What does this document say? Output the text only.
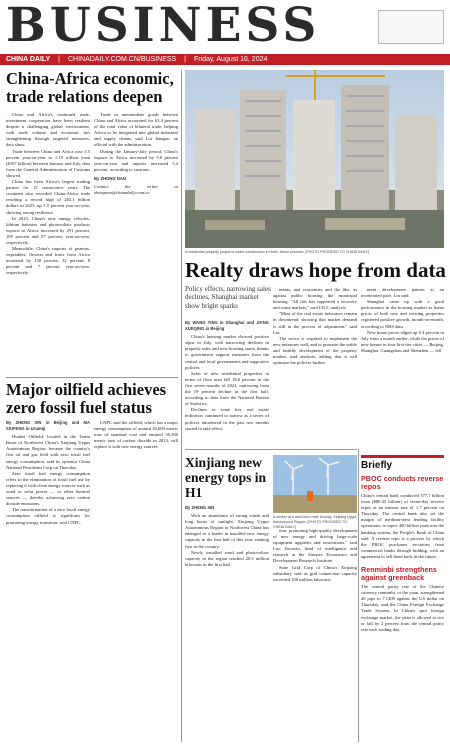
BUSINESS
CHINA DAILY | CHINADAILY.COM.CN/BUSINESS | Friday, August 16, 2024
China-Africa economic, trade relations deepen

China and Africa's continued trade, investment cooperation have been resilient despite a challenging global environment, with trade volume and economic ties strengthening through targeted measures, data show.

Trade between China and Africa rose 5.5 percent year-on-year to 1.19 trillion yuan ($167 billion) between January and July, data from the General Administration of Customs showed.

China has been Africa's largest trading partner for 15 consecutive years. The continent also recorded China-Africa trade reaching a record high of 282.1 billion dollars in 2023, up 1.5 percent year-on-year, showing strong resilience.

In 2023, China's new energy vehicles, lithium batteries and photovoltaic products exports to Africa increased by 291 percent, 109 percent and 57 percent, year-on-year, respectively.

Meanwhile, China's imports of peanuts, vegetables, flowers and fruits from Africa increased by 130 percent, 32 percent, 8 percent and 7 percent year-on-year, respectively.

Trade in intermediate goods between China and Africa accounted for 63.4 percent of the total value of bilateral trade, helping Africa to be integrated into global industrial and supply chains, said Liu Jianguo, an official with the administration.

During the January-July period, China's exports to Africa increased by 5.6 percent year-on-year and imports increased 5.4 percent, according to customs.

By ZHONG NAN
Contact the writer at zhongnan@chinadaily.com.cn
Major oilfield achieves zero fossil fuel status
By ZHENG XIN in Beijing and MA XIUFENG in Urumqi

Huabei Oilfield, located in the Tarim Basin of Northwest China's Xinjiang Uygur Autonomous Region, became the country's first oil and gas field with zero fossil fuel energy consumption, said its operator China National Petroleum Corp on Thursday.

Zero fossil fuel energy consumption refers to the elimination of fossil fuel use by replacing it with clean energy sources such as wind or solar power — or other thermal sources — thereby achieving zero carbon dioxide emissions.

The transformation of a zero fossil energy consumption oilfield is significant for promoting energy transition, said CNPC.

CNPC said the oilfield, which has a major energy consumption of around 20,600 metric tons of standard coal and emitted 56,300 metric tons of carbon dioxide in 2023, will replace it with new energy sources.

A residential property project is under construction in Hefei, Anhui province. [PHOTO PROVIDED TO CHINA DAILY]
Realty draws hope from data
Policy effects, narrowing sales declines, Shanghai market show bright sparks
By WANG YING in Shanghai and JIANG XUEQING in Beijing

China's housing market showed positive signs in July, with narrowing declines in property sales and new housing starts, thanks to government support measures from the central and local governments and supportive policies.

Sales of new residential properties in terms of floor area fell 18.6 percent in the first seven months of 2024, narrowing from the 19 percent decline in the first half, according to data from the National Bureau of Statistics.

Declines in some key real estate indicators continued to narrow as a series of policies introduced in the past two months started to take effect.

ments, and economies and the like, as against public housing the municipal housing. "All this has supported a recovery and some markets," said CICC analysts.

"Most of the real estate indicators remain in downtrend, showing that market demand is still in the process of adjustment," said Liu.

The sector is required to implement the new measures well, and to promote the stable and healthy development of the property market, said analysts, adding that it will optimize the policies further.

ment development pattern at an accelerated pace, Lin said.

Shanghai came up with a good performance in the housing market as home prices of both new and existing properties registered positive growth, month-on-month, according to NBS data.

New home prices edged up 0.4 percent in July from a month earlier, while the prices of new homes in four first-tier cities — Beijing, Shanghai, Guangzhou and Shenzhen — fell.

Xinjiang new energy tops in H1
By ZHENG XIN

With an abundance of strong winds and long hours of sunlight, Xinjiang Uygur Autonomous Region in Northwest China has emerged as a leader in installed new energy capacity in the first half of this year, ranking first in the country.

Newly installed wind and photovoltaic capacity in the region reached 20.5 million kilowatts in the first half.

A worker at a wind farm near Urumqi, Xinjiang Uygur Autonomous Region. [PHOTO PROVIDED TO CHINA DAILY]

tion, promoting high-quality development of new energy and driving large-scale equipment upgrades and renovations," said Luo Zuoxian, head of intelligence and research at the Sinopec Economics and Development Research Institute.

State Grid Corp of China's Xinjiang subsidiary said its grid connection capacity exceeded 100 million kilowatts.

Briefly
PBOC conducts reverse repos
China's central bank conducted 577.7 billion yuan ($80.45 billion) of seven-day reverse repos at an interest rate of 1.7 percent on Thursday. The central bank also set the margin of medium-term lending facility operations, to inject 400 billion yuan into the banking system, the People's Bank of China said. A reverse repo is a process by which the PBOC purchases securities from commercial banks through bidding, with an agreement to sell them back in the future.
Renminbi strengthens against greenback
The central parity rate of the Chinese currency renminbi, or the yuan, strengthened 40 pips to 7.1409 against the US dollar on Thursday, said the China Foreign Exchange Trade System. In China's spot foreign exchange market, the yuan is allowed to rise or fall by 2 percent from the central parity rate each trading day.
